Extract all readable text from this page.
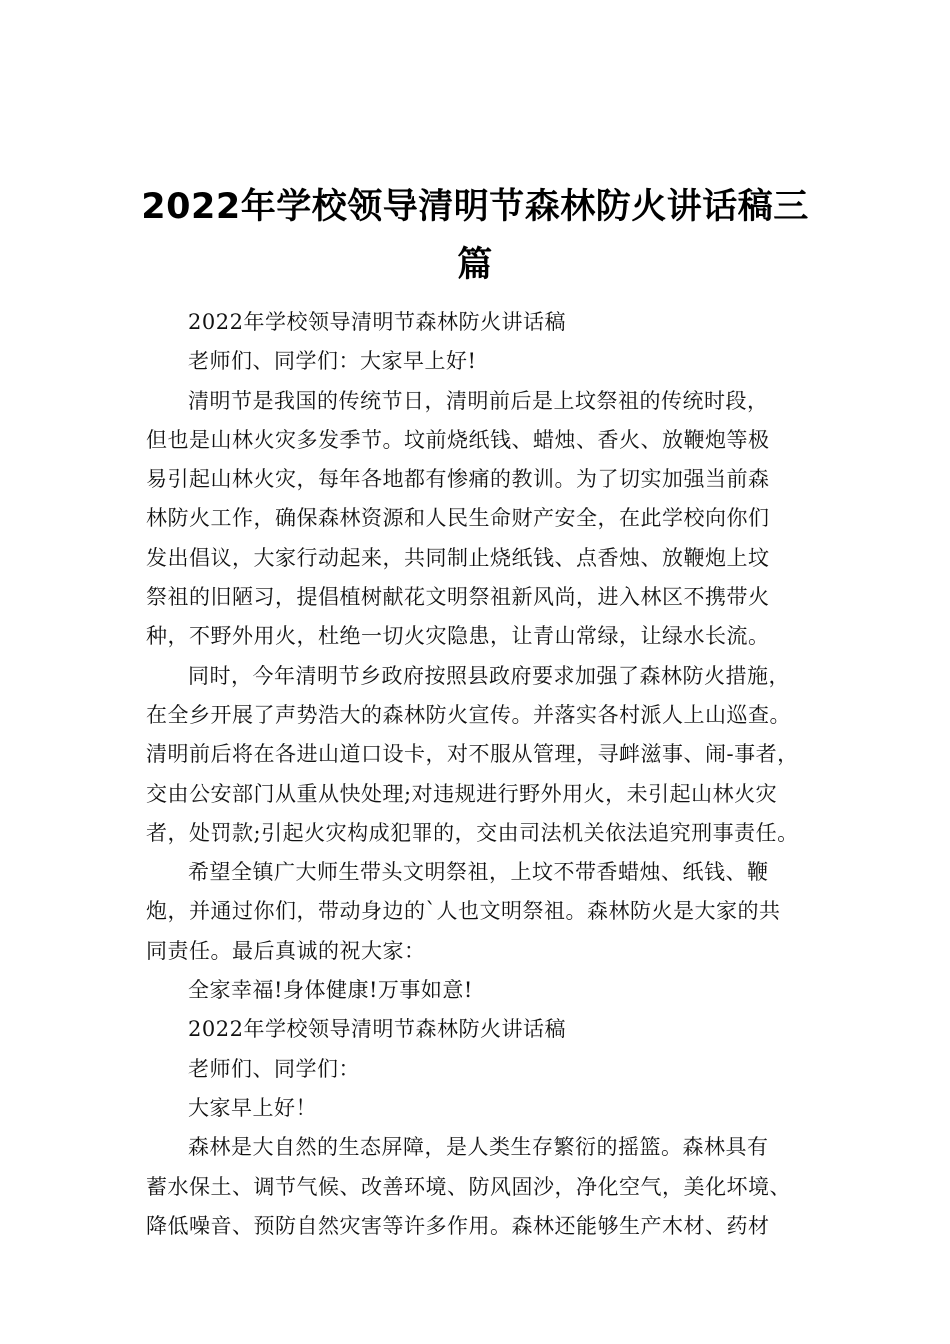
2022年学校领导清明节森林防火讲话稿三
篇

2022年学校领导清明节森林防火讲话稿

老师们、同学们：大家早上好!

清明节是我国的传统节日，清明前后是上坟祭祖的传统时段，
但也是山林火灾多发季节。坟前烧纸钱、蜡烛、香火、放鞭炮等极
易引起山林火灾，每年各地都有惨痛的教训。为了切实加强当前森
林防火工作，确保森林资源和人民生命财产安全，在此学校向你们
发出倡议，大家行动起来，共同制止烧纸钱、点香烛、放鞭炮上坟
祭祖的旧陋习，提倡植树献花文明祭祖新风尚，进入林区不携带火
种，不野外用火，杜绝一切火灾隐患，让青山常绿，让绿水长流。

同时，今年清明节乡政府按照县政府要求加强了森林防火措施，
在全乡开展了声势浩大的森林防火宣传。并落实各村派人上山巡查。
清明前后将在各进山道口设卡，对不服从管理，寻衅滋事、闹-事者，
交由公安部门从重从快处理;对违规进行野外用火，未引起山林火灾
者，处罚款;引起火灾构成犯罪的，交由司法机关依法追究刑事责任。

希望全镇广大师生带头文明祭祖，上坟不带香蜡烛、纸钱、鞭
炮，并通过你们，带动身边的`人也文明祭祖。森林防火是大家的共
同责任。最后真诚的祝大家：

全家幸福!身体健康!万事如意!

2022年学校领导清明节森林防火讲话稿

老师们、同学们：

大家早上好！

森林是大自然的生态屏障，是人类生存繁衍的摇篮。森林具有
蓄水保土、调节气候、改善环境、防风固沙，净化空气，美化坏境、
降低噪音、预防自然灾害等许多作用。森林还能够生产木材、药材
